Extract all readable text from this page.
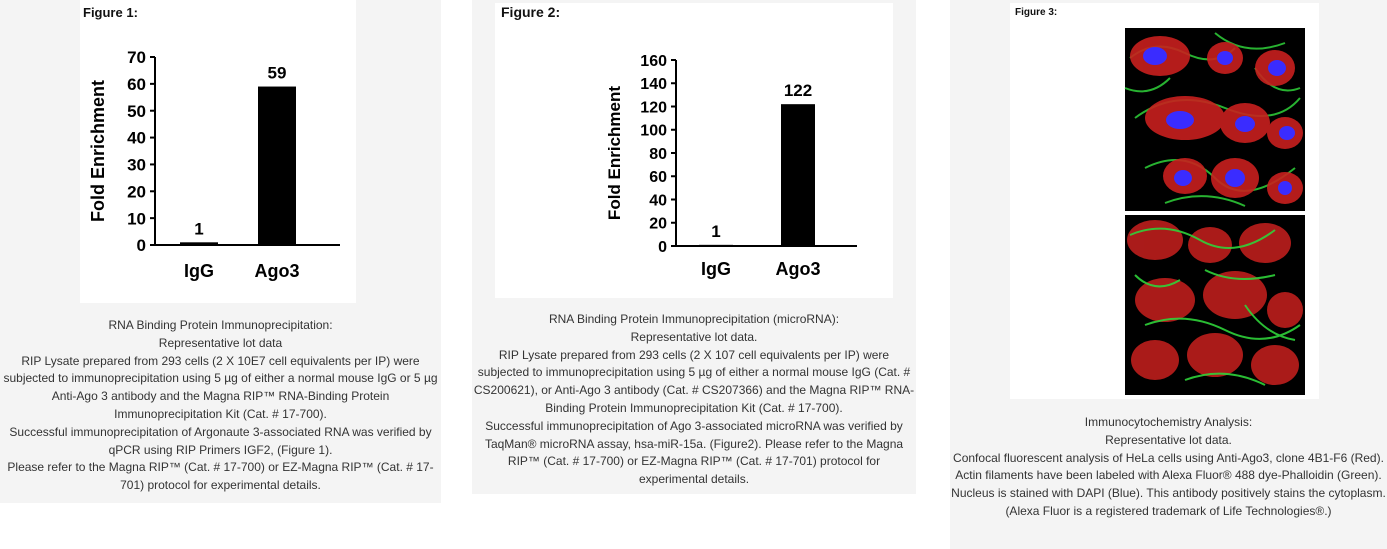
Figure 1:
0
10
20
30
40
50
60
70
Fold Enrichment
1
IgG
59
Ago3
RNA Binding Protein Immunoprecipitation:
Representative lot data
RIP Lysate prepared from 293 cells (2 X 10E7 cell equivalents per IP) were subjected to immunoprecipitation using 5 µg of either a normal mouse IgG or 5 µg Anti-Ago 3 antibody and the Magna RIP™ RNA-Binding Protein Immunoprecipitation Kit (Cat. # 17-700).
Successful immunoprecipitation of Argonaute 3-associated RNA was verified by qPCR using RIP Primers IGF2, (Figure 1).
Please refer to the Magna RIP™ (Cat. # 17-700) or EZ-Magna RIP™ (Cat. # 17-701) protocol for experimental details.
Figure 2:
0
20
40
60
80
100
120
140
160
Fold Enrichment
1
IgG
122
Ago3
RNA Binding Protein Immunoprecipitation (microRNA):
Representative lot data.
RIP Lysate prepared from 293 cells (2 X 107 cell equivalents per IP) were subjected to immunoprecipitation using 5 µg of either a normal mouse IgG (Cat. # CS200621), or Anti-Ago 3 antibody (Cat. # CS207366) and the Magna RIP™ RNA-Binding Protein Immunoprecipitation Kit (Cat. # 17-700).
Successful immunoprecipitation of Ago 3-associated microRNA was verified by TaqMan® microRNA assay, hsa-miR-15a. (Figure2). Please refer to the Magna RIP™ (Cat. # 17-700) or EZ-Magna RIP™ (Cat. # 17-701) protocol for experimental details.
Figure 3:
Immunocytochemistry Analysis:
Representative lot data.
Confocal fluorescent analysis of HeLa cells using Anti-Ago3, clone 4B1-F6 (Red). Actin filaments have been labeled with Alexa Fluor® 488 dye-Phalloidin (Green). Nucleus is stained with DAPI (Blue). This antibody positively stains the cytoplasm.
(Alexa Fluor is a registered trademark of Life Technologies®.)
